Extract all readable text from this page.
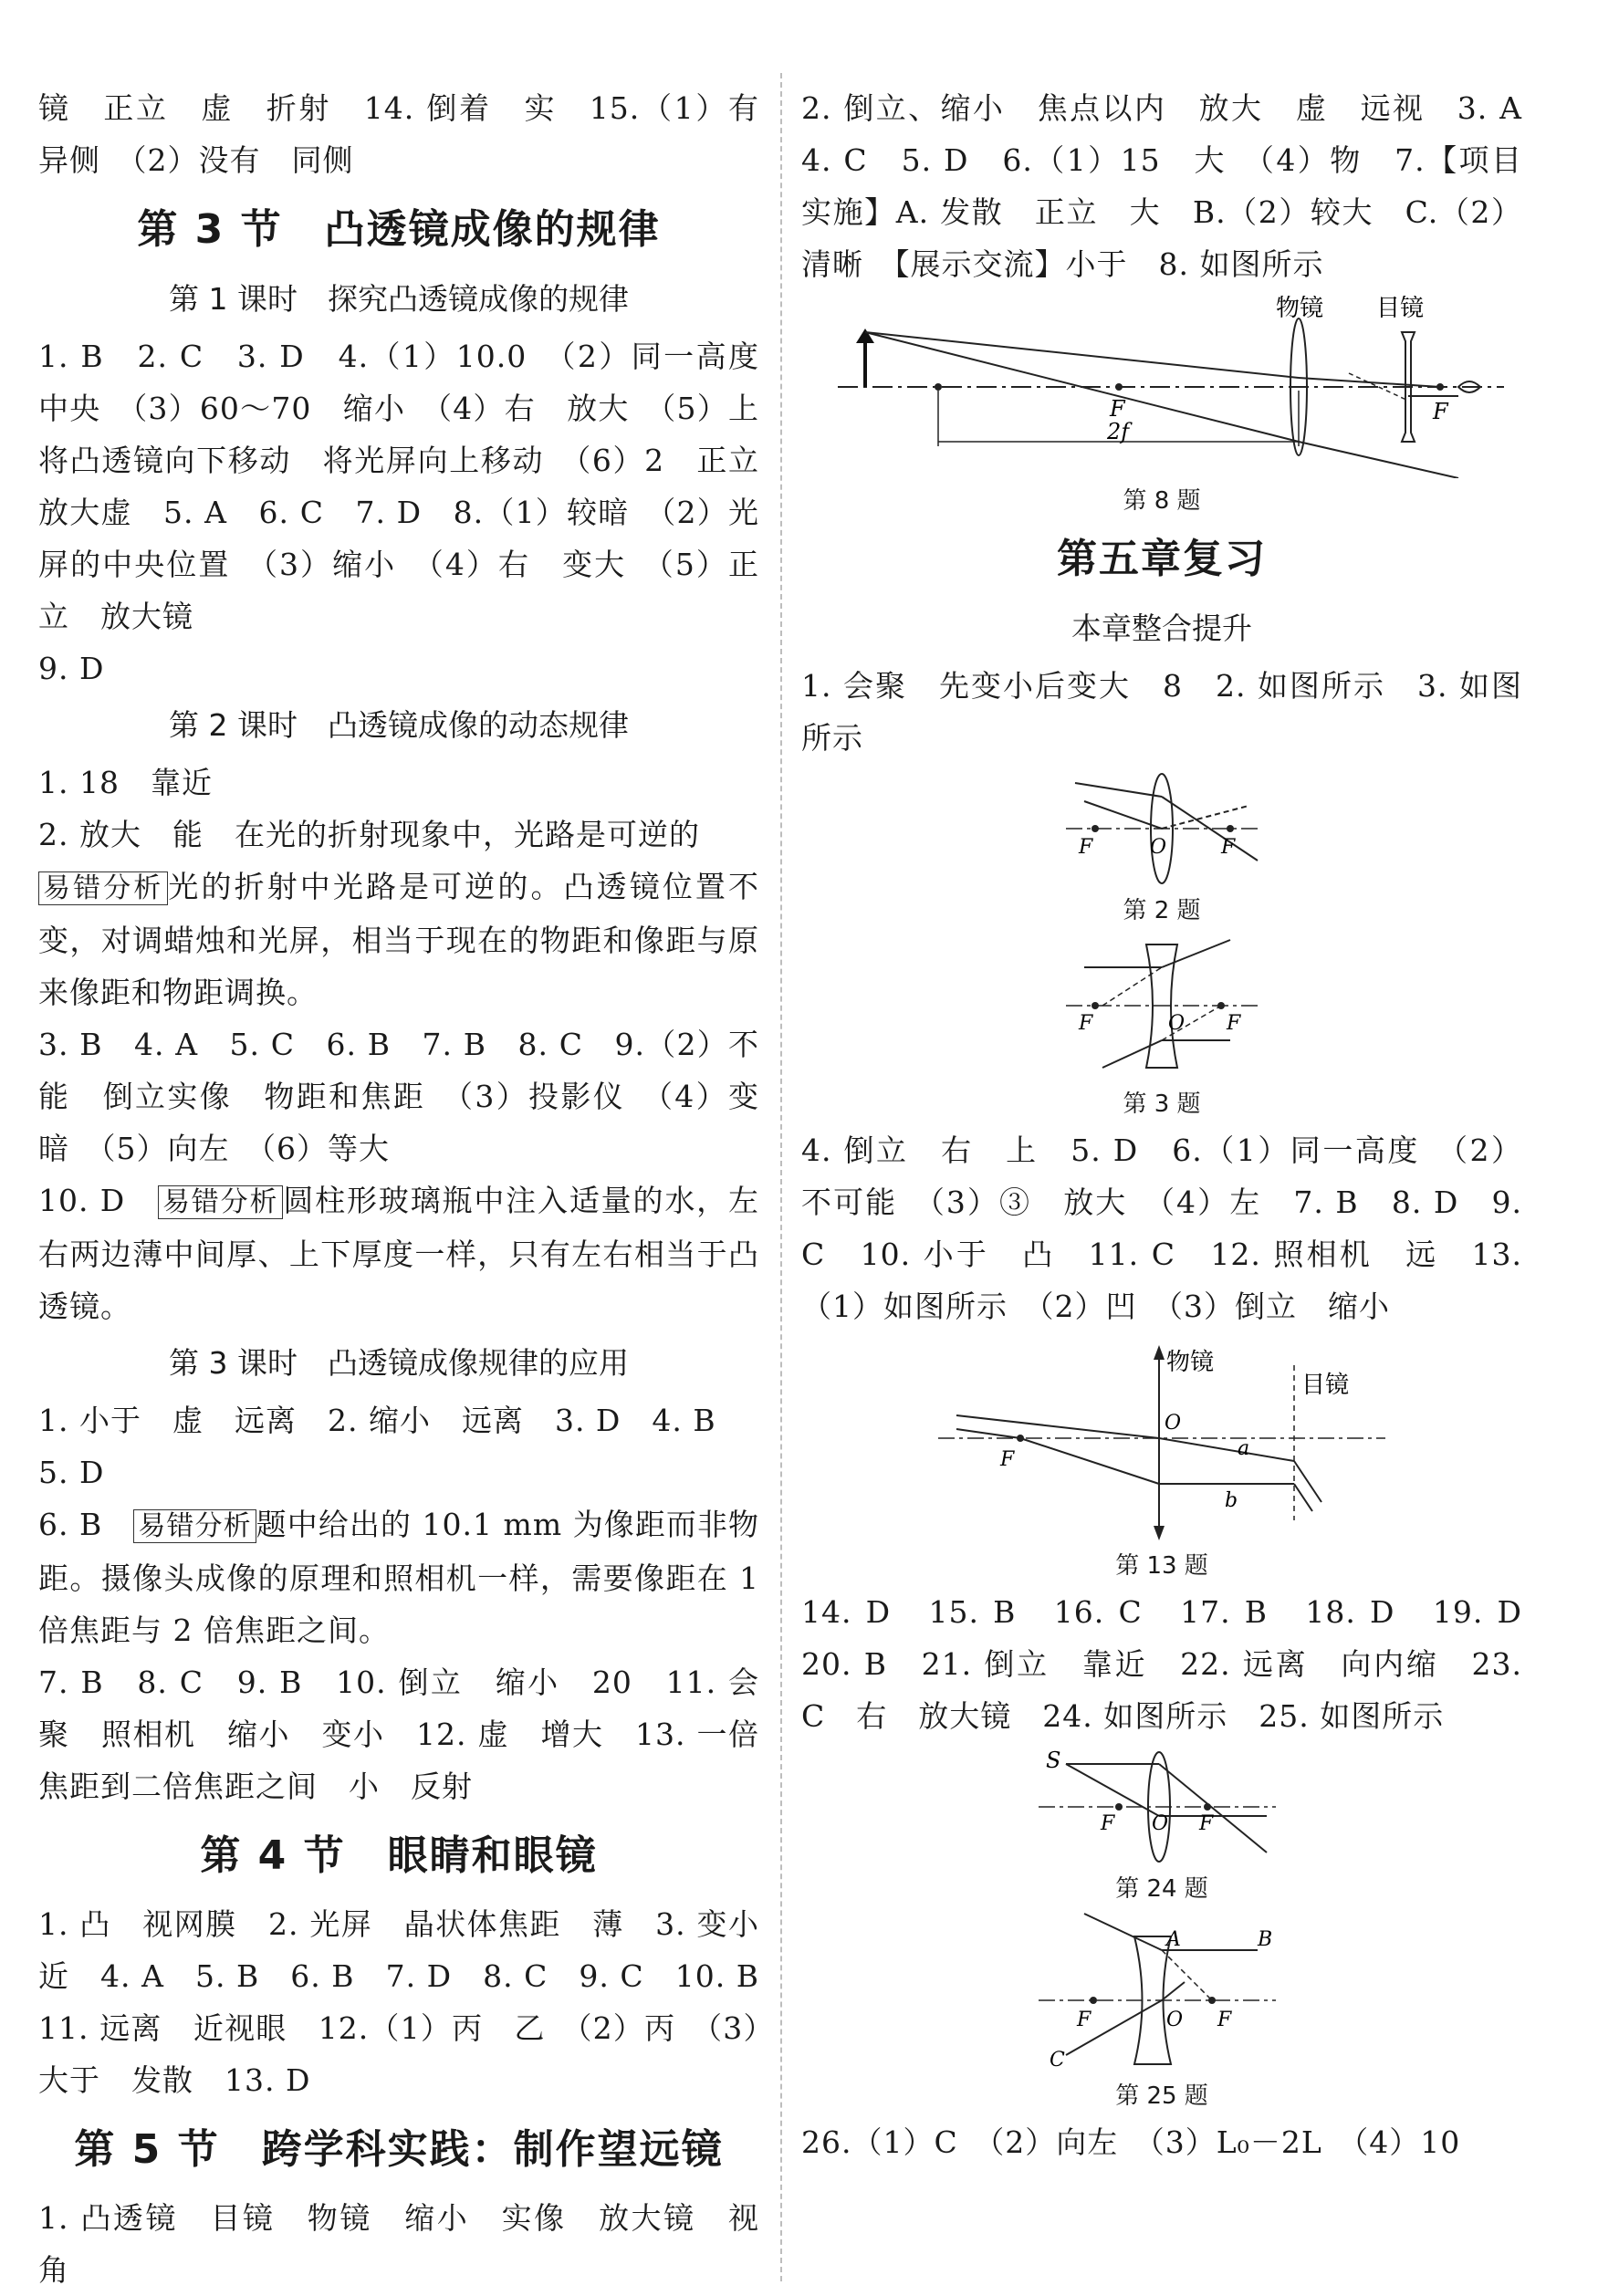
镜　正立　虚　折射　14. 倒着　实　15.（1）有　异侧　（2）没有　同侧

第 3 节　凸透镜成像的规律
第 1 课时　探究凸透镜成像的规律

1. B　2. C　3. D　4.（1）10.0　（2）同一高度　中央　（3）60～70　缩小　（4）右　放大　（5）上　将凸透镜向下移动　将光屏向上移动　（6）2　正立　放大虚　5. A　6. C　7. D　8.（1）较暗　（2）光屏的中央位置　（3）缩小　（4）右　变大　（5）正立　放大镜

9. D

第 2 课时　凸透镜成像的动态规律

1. 18　靠近

2. 放大　能　在光的折射现象中，光路是可逆的

易错分析 光的折射中光路是可逆的。凸透镜位置不变，对调蜡烛和光屏，相当于现在的物距和像距与原来像距和物距调换。

3. B　4. A　5. C　6. B　7. B　8. C　9.（2）不能　倒立实像　物距和焦距　（3）投影仪　（4）变暗　（5）向左　（6）等大

10. D　易错分析 圆柱形玻璃瓶中注入适量的水，左右两边薄中间厚、上下厚度一样，只有左右相当于凸透镜。

第 3 课时　凸透镜成像规律的应用

1. 小于　虚　远离　2. 缩小　远离　3. D　4. B

5. D

6. B　易错分析 题中给出的 10.1 mm 为像距而非物距。摄像头成像的原理和照相机一样，需要像距在 1 倍焦距与 2 倍焦距之间。

7. B　8. C　9. B　10. 倒立　缩小　20　11. 会聚　照相机　缩小　变小　12. 虚　增大　13. 一倍焦距到二倍焦距之间　小　反射

第 4 节　眼睛和眼镜

1. 凸　视网膜　2. 光屏　晶状体焦距　薄　3. 变小　近　4. A　5. B　6. B　7. D　8. C　9. C　10. B　11. 远离　近视眼　12.（1）丙　乙　（2）丙　（3）大于　发散　13. D

第 5 节　跨学科实践：制作望远镜

1. 凸透镜　目镜　物镜　缩小　实像　放大镜　视角

2. 倒立、缩小　焦点以内　放大　虚　远视　3. A　4. C　5. D　6.（1）15　大　（4）物　7.【项目实施】A. 发散　正立　大　B.（2）较大　C.（2）清晰　【展示交流】小于　8. 如图所示

物镜 目镜
F
2f
F
第 8 题
第五章复习
本章整合提升

1. 会聚　先变小后变大　8　2. 如图所示　3. 如图所示

F	O	F
第 2 题
F	O F
第 3 题

4. 倒立　右　上　5. D　6.（1）同一高度　（2）不可能　（3）③　放大　（4）左　7. B　8. D　9. C　10. 小于　凸　11. C　12. 照相机　远　13.（1）如图所示　（2）凹　（3）倒立　缩小

物镜
目镜
O
F	a
b
第 13 题

14. D　15. B　16. C　17. B　18. D　19. D　20. B　21. 倒立　靠近　22. 远离　向内缩　23. C　右　放大镜　24. 如图所示　25. 如图所示

S
F O F
第 24 题
A	B
C
F	O F
第 25 题

26.（1）C　（2）向左　（3）L₀－2L　（4）10
